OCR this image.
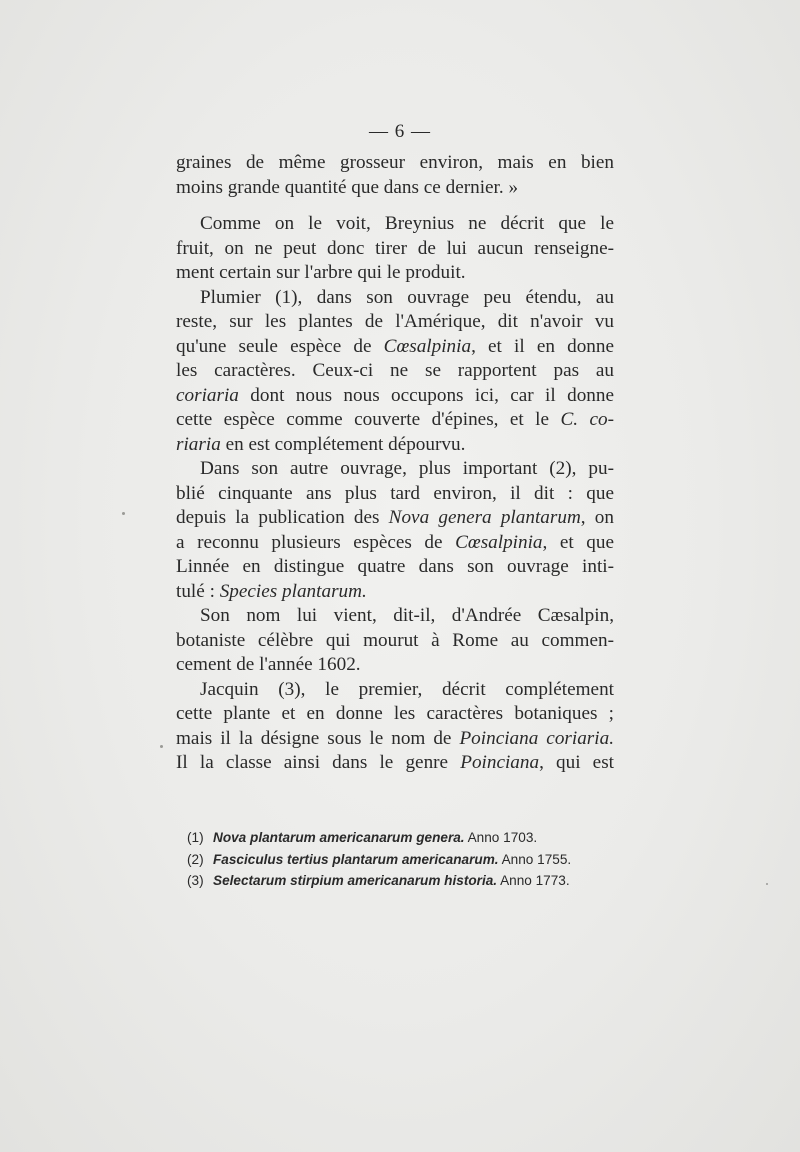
— 6 —
graines de même grosseur environ, mais en bien
moins grande quantité que dans ce dernier. »
Comme on le voit, Breynius ne décrit que le
fruit, on ne peut donc tirer de lui aucun renseigne-
ment certain sur l'arbre qui le produit.
Plumier (1), dans son ouvrage peu étendu, au
reste, sur les plantes de l'Amérique, dit n'avoir vu
qu'une seule espèce de Cœsalpinia, et il en donne
les caractères. Ceux-ci ne se rapportent pas au
coriaria dont nous nous occupons ici, car il donne
cette espèce comme couverte d'épines, et le C. co-
riaria en est complétement dépourvu.
Dans son autre ouvrage, plus important (2), pu-
blié cinquante ans plus tard environ, il dit : que
depuis la publication des Nova genera plantarum, on
a reconnu plusieurs espèces de Cœsalpinia, et que
Linnée en distingue quatre dans son ouvrage inti-
tulé : Species plantarum.
Son nom lui vient, dit-il, d'Andrée Cæsalpin,
botaniste célèbre qui mourut à Rome au commen-
cement de l'année 1602.
Jacquin (3), le premier, décrit complétement
cette plante et en donne les caractères botaniques ;
mais il la désigne sous le nom de Poinciana coriaria.
Il la classe ainsi dans le genre Poinciana, qui est
(1) Nova plantarum americanarum genera. Anno 1703.
(2) Fasciculus tertius plantarum americanarum. Anno 1755.
(3) Selectarum stirpium americanarum historia. Anno 1773.
